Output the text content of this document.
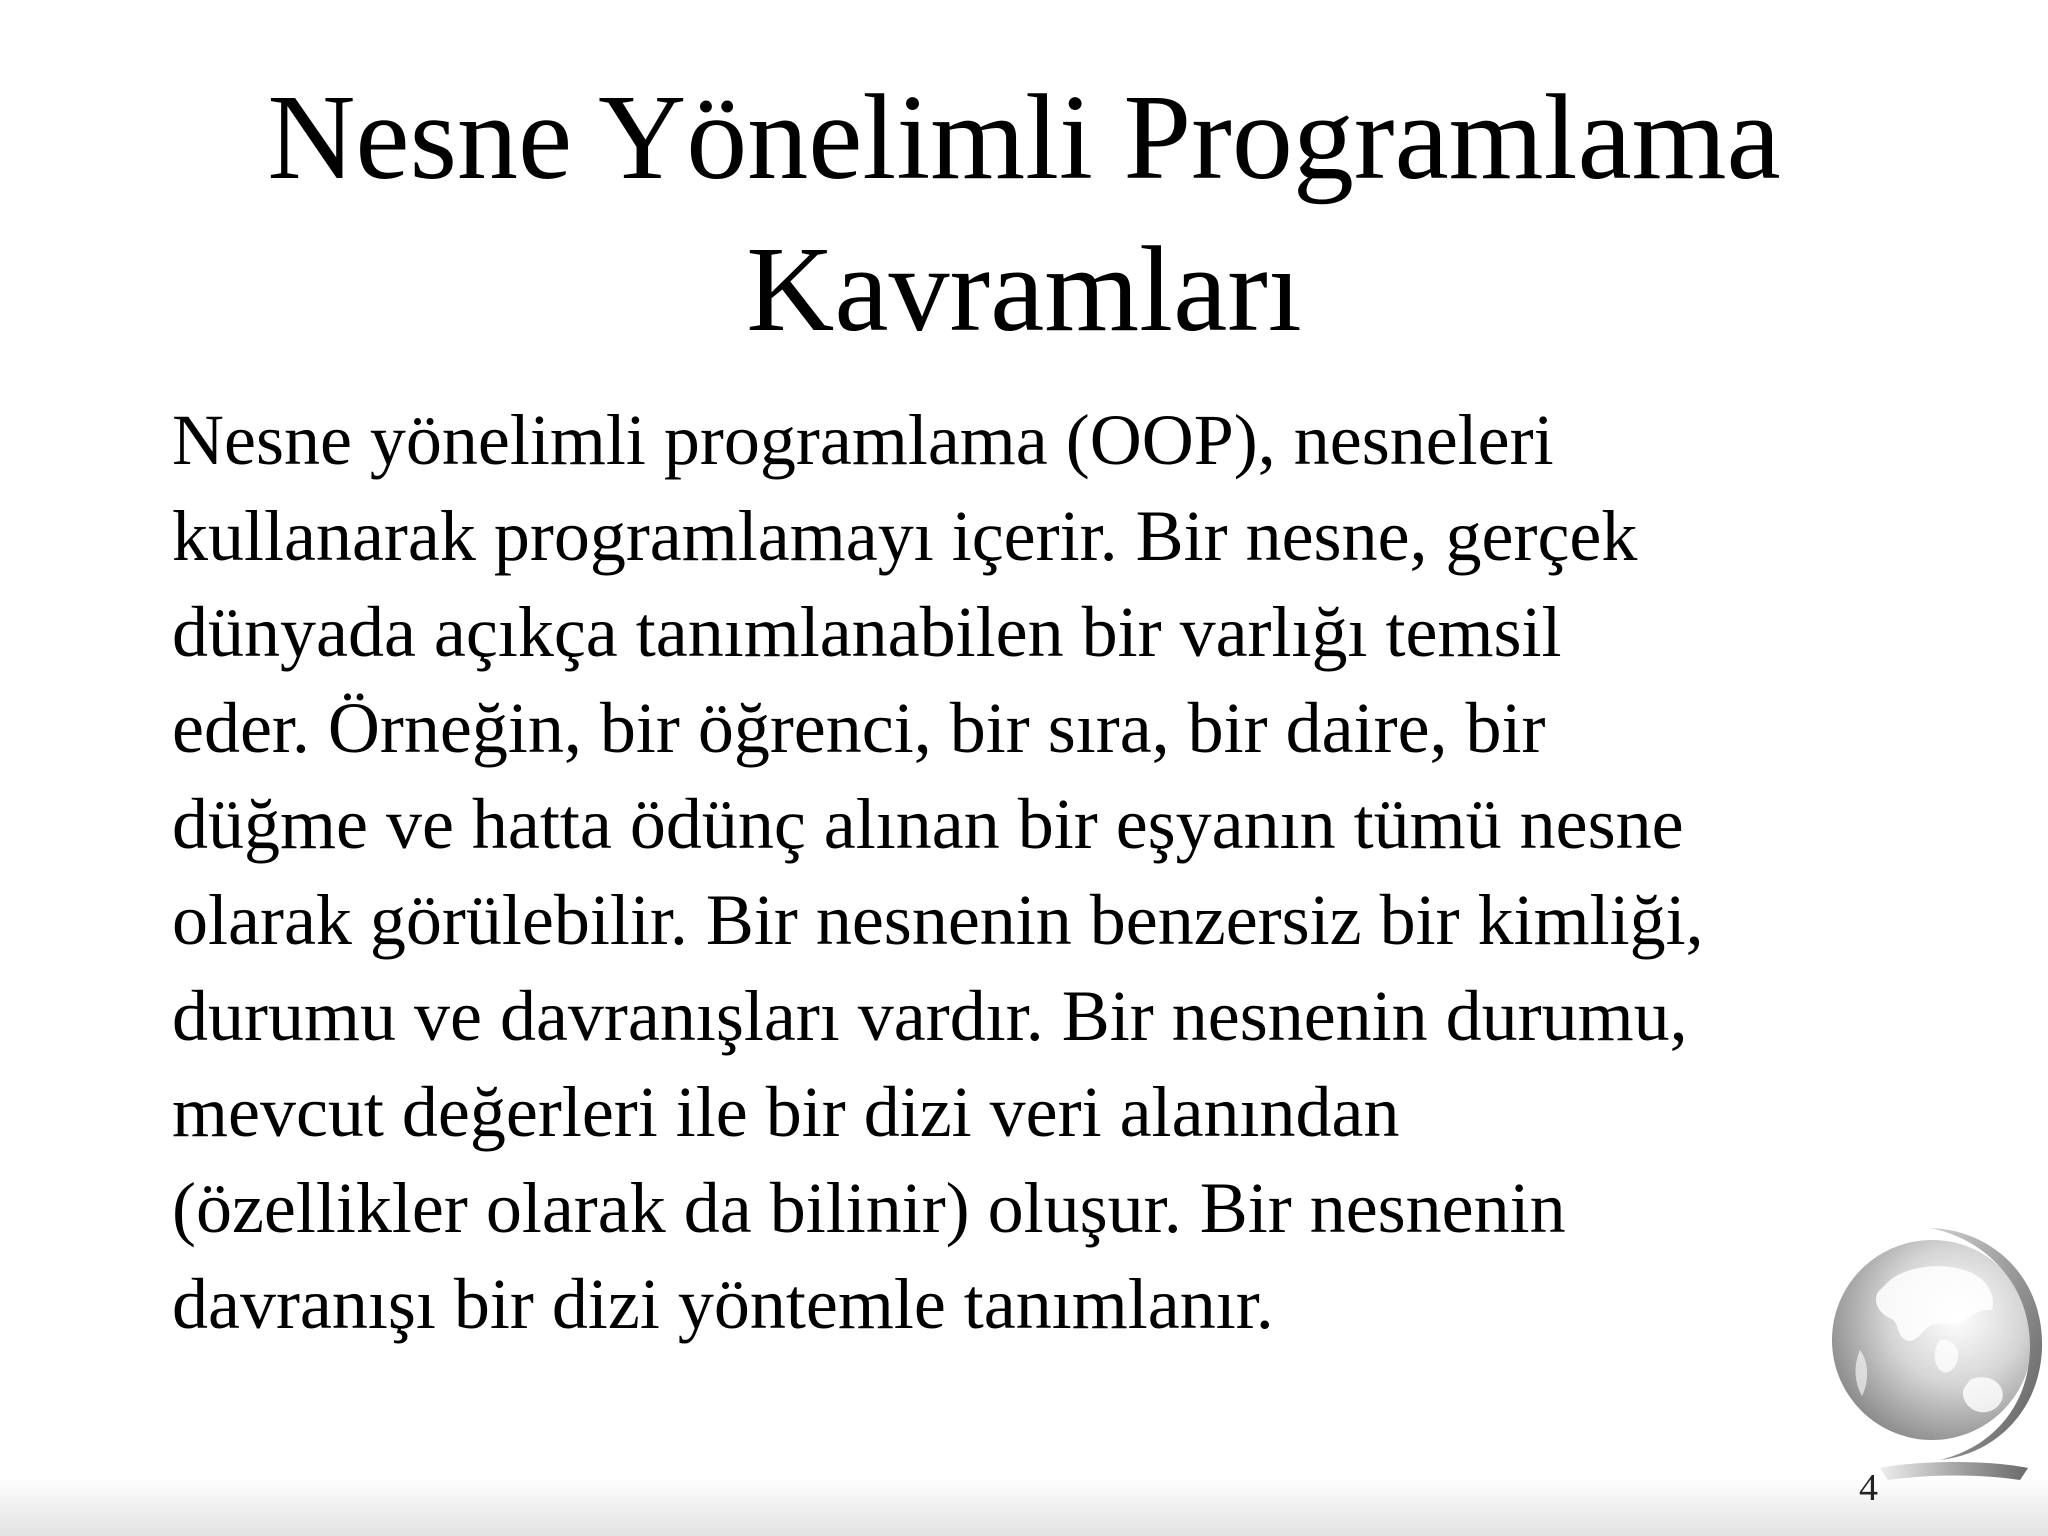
Nesne Yönelimli Programlama
Kavramları
Nesne yönelimli programlama (OOP), nesneleri
kullanarak programlamayı içerir. Bir nesne, gerçek
dünyada açıkça tanımlanabilen bir varlığı temsil
eder. Örneğin, bir öğrenci, bir sıra, bir daire, bir
düğme ve hatta ödünç alınan bir eşyanın tümü nesne
olarak görülebilir. Bir nesnenin benzersiz bir kimliği,
durumu ve davranışları vardır. Bir nesnenin durumu,
mevcut değerleri ile bir dizi veri alanından
(özellikler olarak da bilinir) oluşur. Bir nesnenin
davranışı bir dizi yöntemle tanımlanır.
4
